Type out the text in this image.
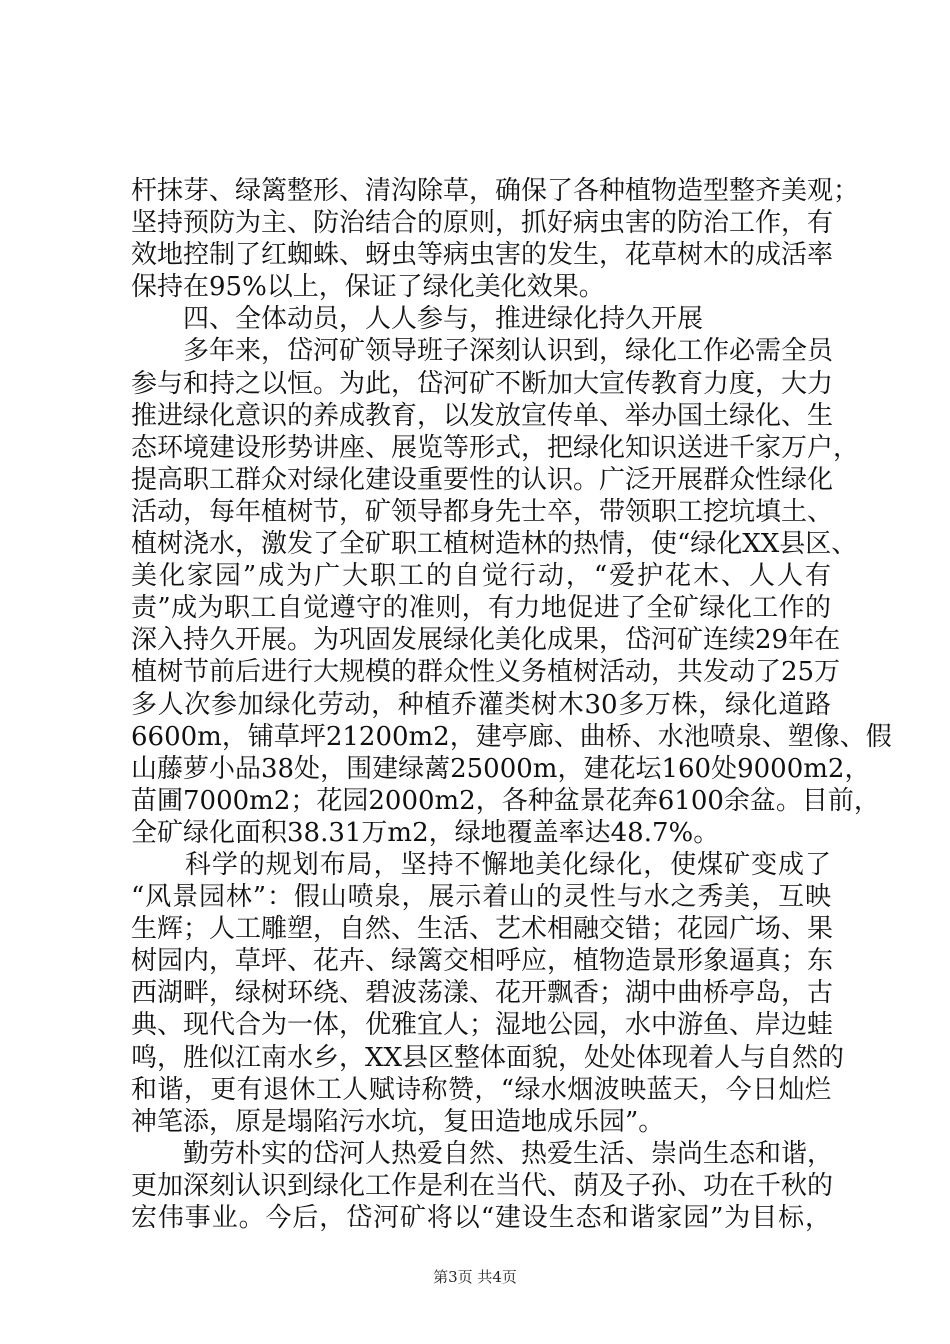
杆抹芽、绿篱整形、清沟除草，确保了各种植物造型整齐美观；
坚持预防为主、防治结合的原则，抓好病虫害的防治工作，有
效地控制了红蜘蛛、蚜虫等病虫害的发生，花草树木的成活率
保持在95%以上，保证了绿化美化效果。
　　四、全体动员，人人参与，推进绿化持久开展
　　多年来，岱河矿领导班子深刻认识到，绿化工作必需全员
参与和持之以恒。为此，岱河矿不断加大宣传教育力度，大力
推进绿化意识的养成教育，以发放宣传单、举办国土绿化、生
态环境建设形势讲座、展览等形式，把绿化知识送进千家万户，
提高职工群众对绿化建设重要性的认识。广泛开展群众性绿化
活动，每年植树节，矿领导都身先士卒，带领职工挖坑填土、
植树浇水，激发了全矿职工植树造林的热情，使“绿化XX县区、
美化家园”成为广大职工的自觉行动，“爱护花木、人人有
责”成为职工自觉遵守的准则，有力地促进了全矿绿化工作的
深入持久开展。为巩固发展绿化美化成果，岱河矿连续29年在
植树节前后进行大规模的群众性义务植树活动，共发动了25万
多人次参加绿化劳动，种植乔灌类树木30多万株，绿化道路
6600m，铺草坪21200m2，建亭廊、曲桥、水池喷泉、塑像、假
山藤萝小品38处，围建绿蓠25000m，建花坛160处9000m2，
苗圃7000m2；花园2000m2，各种盆景花奔6100余盆。目前，
全矿绿化面积38.31万m2，绿地覆盖率达48.7%。
　　科学的规划布局，坚持不懈地美化绿化，使煤矿变成了
“风景园林”：假山喷泉，展示着山的灵性与水之秀美，互映
生辉；人工雕塑，自然、生活、艺术相融交错；花园广场、果
树园内，草坪、花卉、绿篱交相呼应，植物造景形象逼真；东
西湖畔，绿树环绕、碧波荡漾、花开飘香；湖中曲桥亭岛，古
典、现代合为一体，优雅宜人；湿地公园，水中游鱼、岸边蛙
鸣，胜似江南水乡，XX县区整体面貌，处处体现着人与自然的
和谐，更有退休工人赋诗称赞，“绿水烟波映蓝天，今日灿烂
神笔添，原是塌陷污水坑，复田造地成乐园”。
　　勤劳朴实的岱河人热爱自然、热爱生活、崇尚生态和谐，
更加深刻认识到绿化工作是利在当代、荫及子孙、功在千秋的
宏伟事业。今后，岱河矿将以“建设生态和谐家园”为目标，
第3页 共4页
